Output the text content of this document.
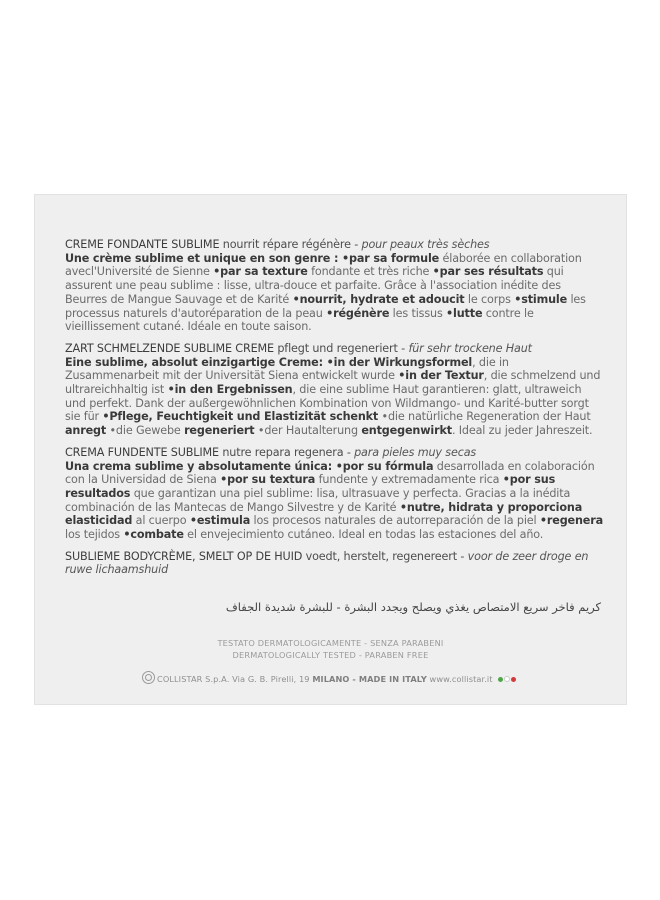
CREME FONDANTE SUBLIME nourrit répare régénère - pour peaux très sèches
Une crème sublime et unique en son genre : •par sa formule élaborée en collaboration avecl'Université de Sienne •par sa texture fondante et très riche •par ses résultats qui assurent une peau sublime : lisse, ultra-douce et parfaite. Grâce à l'association inédite des Beurres de Mangue Sauvage et de Karité •nourrit, hydrate et adoucit le corps •stimule les processus naturels d'autoréparation de la peau •régénère les tissus •lutte contre le vieillissement cutané. Idéale en toute saison.
ZART SCHMELZENDE SUBLIME CREME pflegt und regeneriert - für sehr trockene Haut
Eine sublime, absolut einzigartige Creme: •in der Wirkungsformel, die in Zusammenarbeit mit der Universität Siena entwickelt wurde •in der Textur, die schmelzend und ultrareichhaltig ist •in den Ergebnissen, die eine sublime Haut garantieren: glatt, ultraweich und perfekt. Dank der außergewöhnlichen Kombination von Wildmango- und Karité-butter sorgt sie für •Pflege, Feuchtigkeit und Elastizität schenkt •die natürliche Regeneration der Haut anregt •die Gewebe regeneriert •der Hautalterung entgegenwirkt. Ideal zu jeder Jahreszeit.
CREMA FUNDENTE SUBLIME nutre repara regenera - para pieles muy secas
Una crema sublime y absolutamente única: •por su fórmula desarrollada en colaboración con la Universidad de Siena •por su textura fundente y extremadamente rica •por sus resultados que garantizan una piel sublime: lisa, ultrasuave y perfecta. Gracias a la inédita combinación de las Mantecas de Mango Silvestre y de Karité •nutre, hidrata y proporciona elasticidad al cuerpo •estimula los procesos naturales de autorreparación de la piel •regenera los tejidos •combate el envejecimiento cutáneo. Ideal en todas las estaciones del año.
SUBLIEME BODYCRÈME, SMELT OP DE HUID voedt, herstelt, regenereert - voor de zeer droge en ruwe lichaamshuid
كريم فاخر سريع الامتصاص يغذي ويصلح ويجدد البشرة - للبشرة شديدة الجفاف
TESTATO DERMATOLOGICAMENTE - SENZA PARABENI
DERMATOLOGICALLY TESTED - PARABEN FREE
COLLISTAR S.p.A. Via G. B. Pirelli, 19 MILANO - MADE IN ITALY www.collistar.it
